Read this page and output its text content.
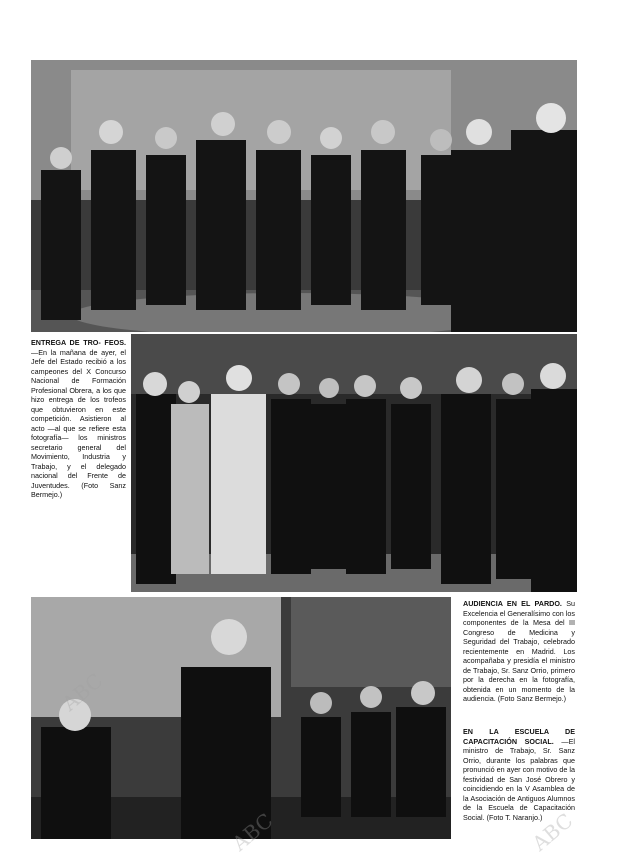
ENTREGA DE TRO- FEOS. —En la mañana de ayer, el Jefe del Estado recibió a los campeones del X Concurso Nacional de Formación Profesional Obrera, a los que hizo entrega de los trofeos que obtuvieron en este competición. Asistieron al acto —al que se refiere esta fotografía— los ministros secretario general del Movimiento, Industria y Trabajo, y el delegado nacional del Frente de Juventudes. (Foto Sanz Bermejo.)
AUDIENCIA EN EL PARDO. Su Excelencia el Generalísimo con los componentes de la Mesa del III Congreso de Medicina y Seguridad del Trabajo, celebrado recientemente en Madrid. Los acompañaba y presidía el ministro de Trabajo, Sr. Sanz Orrio, primero por la derecha en la fotografía, obtenida en un momento de la audiencia. (Foto Sanz Bermejo.)
EN LA ESCUELA DE CAPACITACIÓN SOCIAL. —El ministro de Trabajo, Sr. Sanz Orrio, durante los palabras que pronunció en ayer con motivo de la festividad de San José Obrero y coincidiendo en la V Asamblea de la Asociación de Antiguos Alumnos de la Escuela de Capacitación Social. (Foto T. Naranjo.)
ABC
ABC	ABC
